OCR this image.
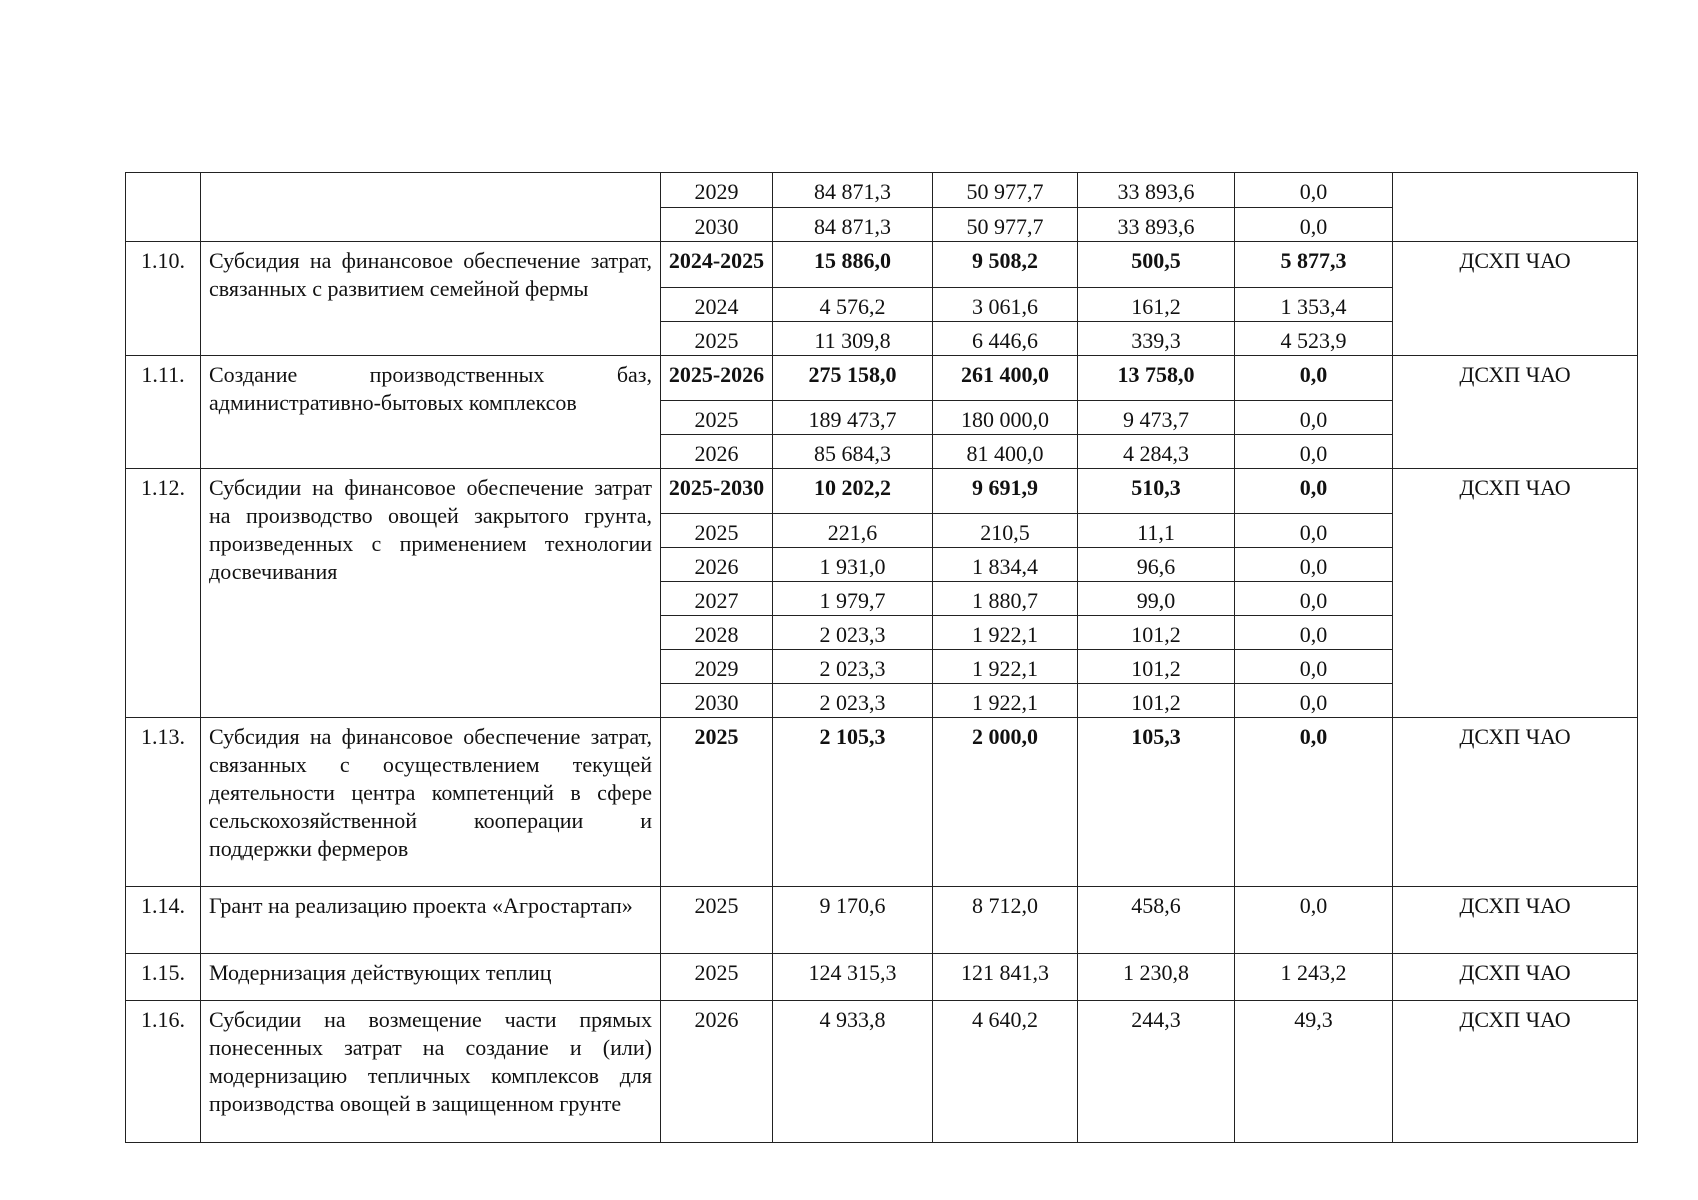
		2029	84 871,3	50 977,7	33 893,6	0,0	
		2030	84 871,3	50 977,7	33 893,6	0,0	
1.10.	Субсидия на финансовое обеспечение затрат, связанных с развитием семейной фермы	2024-2025	15 886,0	9 508,2	500,5	5 877,3	ДСХП ЧАО
		2024	4 576,2	3 061,6	161,2	1 353,4	
		2025	11 309,8	6 446,6	339,3	4 523,9	
1.11.	Создание производственных баз, административно-бытовых комплексов	2025-2026	275 158,0	261 400,0	13 758,0	0,0	ДСХП ЧАО
		2025	189 473,7	180 000,0	9 473,7	0,0	
		2026	85 684,3	81 400,0	4 284,3	0,0	
1.12.	Субсидии на финансовое обеспечение затрат на производство овощей закрытого грунта, произведенных с применением технологии досвечивания	2025-2030	10 202,2	9 691,9	510,3	0,0	ДСХП ЧАО
		2025	221,6	210,5	11,1	0,0	
		2026	1 931,0	1 834,4	96,6	0,0	
		2027	1 979,7	1 880,7	99,0	0,0	
		2028	2 023,3	1 922,1	101,2	0,0	
		2029	2 023,3	1 922,1	101,2	0,0	
		2030	2 023,3	1 922,1	101,2	0,0	
1.13.	Субсидия на финансовое обеспечение затрат, связанных с осуществлением текущей деятельности центра компетенций в сфере сельскохозяйственной кооперации и поддержки фермеров	2025	2 105,3	2 000,0	105,3	0,0	ДСХП ЧАО
1.14.	Грант на реализацию проекта «Агростартап»	2025	9 170,6	8 712,0	458,6	0,0	ДСХП ЧАО
1.15.	Модернизация действующих теплиц	2025	124 315,3	121 841,3	1 230,8	1 243,2	ДСХП ЧАО
1.16.	Субсидии на возмещение части прямых понесенных затрат на создание и (или) модернизацию тепличных комплексов для производства овощей в защищенном грунте	2026	4 933,8	4 640,2	244,3	49,3	ДСХП ЧАО
